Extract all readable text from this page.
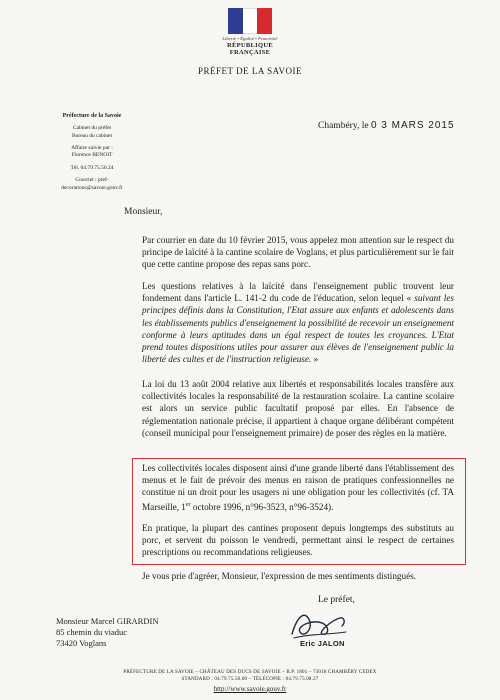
Liberté • Égalité • Fraternité
RÉPUBLIQUE FRANÇAISE
PRÉFET DE LA SAVOIE
Préfecture de la Savoie
Cabinet du préfet
Bureau du cabinet
Affaire suivie par :
Florence BENOIT
Tél. 04.79.75.50.24
Courriel : pref-
decorations@savoie.gouv.fr
Chambéry, le 0 3 MARS 2015
Monsieur,
Par courrier en date du 10 février 2015, vous appelez mon attention sur le respect du principe de laïcité à la cantine scolaire de Voglans, et plus particulièrement sur le fait que cette cantine propose des repas sans porc.
Les questions relatives à la laïcité dans l'enseignement public trouvent leur fondement dans l'article L. 141-2 du code de l'éducation, selon lequel « suivant les principes définis dans la Constitution, l'Etat assure aux enfants et adolescents dans les établissements publics d'enseignement la possibilité de recevoir un enseignement conforme à leurs aptitudes dans un égal respect de toutes les croyances. L'Etat prend toutes dispositions utiles pour assurer aux élèves de l'enseignement public la liberté des cultes et de l'instruction religieuse. »
La loi du 13 août 2004 relative aux libertés et responsabilités locales transfère aux collectivités locales la responsabilité de la restauration scolaire. La cantine scolaire est alors un service public facultatif proposé par elles. En l'absence de réglementation nationale précise, il appartient à chaque organe délibérant compétent (conseil municipal pour l'enseignement primaire) de poser des règles en la matière.
Les collectivités locales disposent ainsi d'une grande liberté dans l'établissement des menus et le fait de prévoir des menus en raison de pratiques confessionnelles ne constitue ni un droit pour les usagers ni une obligation pour les collectivités (cf. TA Marseille, 1er octobre 1996, n°96-3523, n°96-3524).
En pratique, la plupart des cantines proposent depuis longtemps des substituts au porc, et servent du poisson le vendredi, permettant ainsi le respect de certaines prescriptions ou recommandations religieuses.
Je vous prie d'agréer, Monsieur, l'expression de mes sentiments distingués.
Le préfet,
Eric JALON
Monsieur Marcel GIRARDIN
85 chemin du viaduc
73420 Voglans
PRÉFECTURE DE LA SAVOIE – CHÂTEAU DES DUCS DE SAVOIE – B.P. 1801 – 73018 CHAMBÉRY CEDEX
STANDARD : 04.79.75.50.00 – TÉLÉCOPIE : 04.79.75.08.27
http://www.savoie.gouv.fr
